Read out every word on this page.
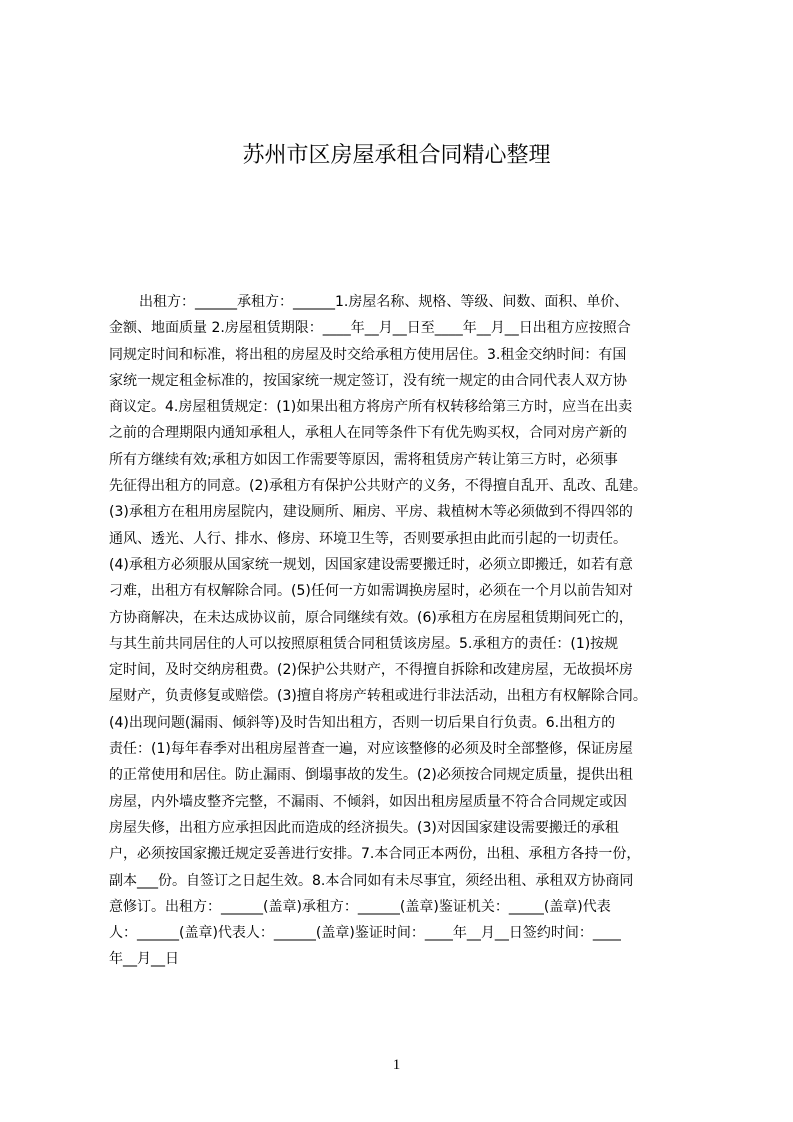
苏州市区房屋承租合同精心整理
出租方：______承租方：______1.房屋名称、规格、等级、间数、面积、单价、
金额、地面质量 2.房屋租赁期限：____年__月__日至____年__月__日出租方应按照合
同规定时间和标准，将出租的房屋及时交给承租方使用居住。3.租金交纳时间：有国
家统一规定租金标准的，按国家统一规定签订，没有统一规定的由合同代表人双方协
商议定。4.房屋租赁规定：(1)如果出租方将房产所有权转移给第三方时，应当在出卖
之前的合理期限内通知承租人，承租人在同等条件下有优先购买权，合同对房产新的
所有方继续有效;承租方如因工作需要等原因，需将租赁房产转让第三方时，必须事
先征得出租方的同意。(2)承租方有保护公共财产的义务，不得擅自乱开、乱改、乱建。
(3)承租方在租用房屋院内，建设厕所、厢房、平房、栽植树木等必须做到不得四邻的
通风、透光、人行、排水、修房、环境卫生等，否则要承担由此而引起的一切责任。
(4)承租方必须服从国家统一规划，因国家建设需要搬迁时，必须立即搬迁，如若有意
刁难，出租方有权解除合同。(5)任何一方如需调换房屋时，必须在一个月以前告知对
方协商解决，在未达成协议前，原合同继续有效。(6)承租方在房屋租赁期间死亡的，
与其生前共同居住的人可以按照原租赁合同租赁该房屋。5.承租方的责任：(1)按规
定时间，及时交纳房租费。(2)保护公共财产，不得擅自拆除和改建房屋，无故损坏房
屋财产，负责修复或赔偿。(3)擅自将房产转租或进行非法活动，出租方有权解除合同。
(4)出现问题(漏雨、倾斜等)及时告知出租方，否则一切后果自行负责。6.出租方的
责任：(1)每年春季对出租房屋普查一遍，对应该整修的必须及时全部整修，保证房屋
的正常使用和居住。防止漏雨、倒塌事故的发生。(2)必须按合同规定质量，提供出租
房屋，内外墙皮整齐完整，不漏雨、不倾斜，如因出租房屋质量不符合合同规定或因
房屋失修，出租方应承担因此而造成的经济损失。(3)对因国家建设需要搬迁的承租
户，必须按国家搬迁规定妥善进行安排。7.本合同正本两份，出租、承租方各持一份，
副本___份。自签订之日起生效。8.本合同如有未尽事宜，须经出租、承租双方协商同
意修订。出租方：______(盖章)承租方：______(盖章)鉴证机关：_____(盖章)代表
人：______(盖章)代表人：______(盖章)鉴证时间：____年__月__日签约时间：____
年__月__日
1
